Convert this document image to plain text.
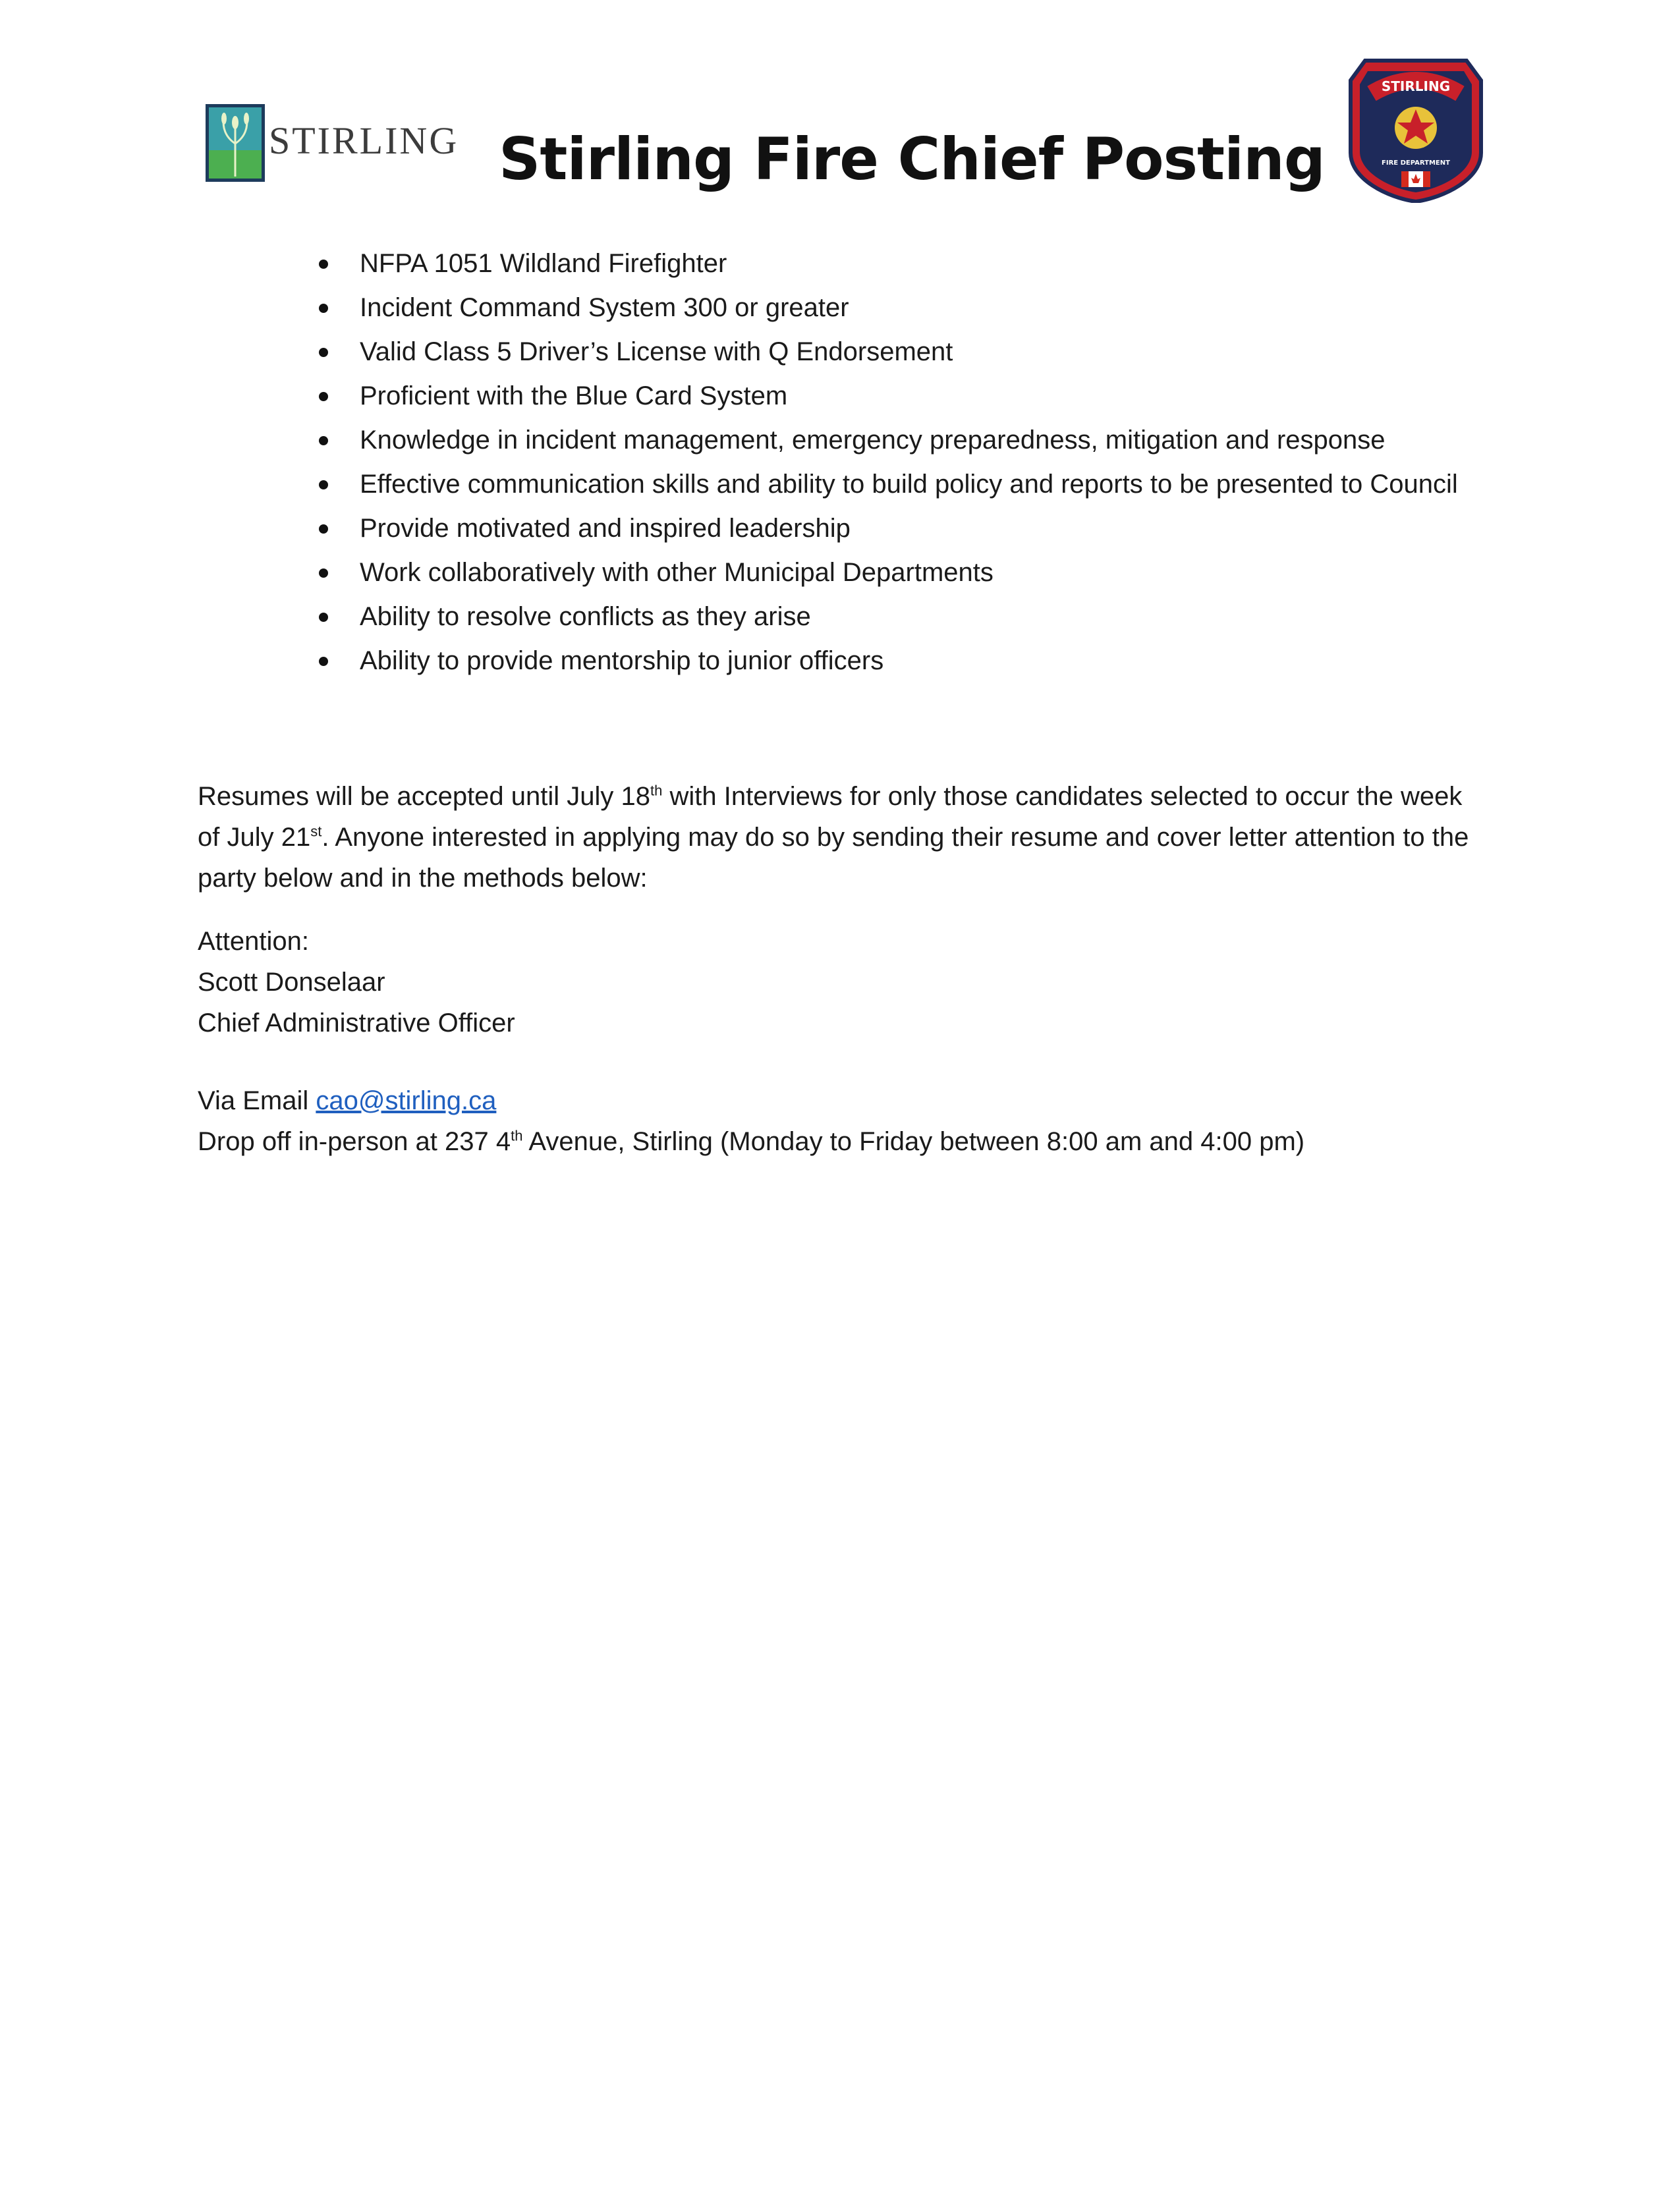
STIRLING Stirling Fire Chief Posting
STIRLING
FIRE DEPARTMENT
NFPA 1051 Wildland Firefighter
Incident Command System 300 or greater
Valid Class 5 Driver’s License with Q Endorsement
Proficient with the Blue Card System
Knowledge in incident management, emergency preparedness, mitigation and response
Effective communication skills and ability to build policy and reports to be presented to Council
Provide motivated and inspired leadership
Work collaboratively with other Municipal Departments
Ability to resolve conflicts as they arise
Ability to provide mentorship to junior officers

Resumes will be accepted until July 18th with Interviews for only those candidates selected to occur the week of July 21st. Anyone interested in applying may do so by sending their resume and cover letter attention to the party below and in the methods below:

Attention:
Scott Donselaar
Chief Administrative Officer
Via Email cao@stirling.ca
Drop off in-person at 237 4th Avenue, Stirling (Monday to Friday between 8:00 am and 4:00 pm)
